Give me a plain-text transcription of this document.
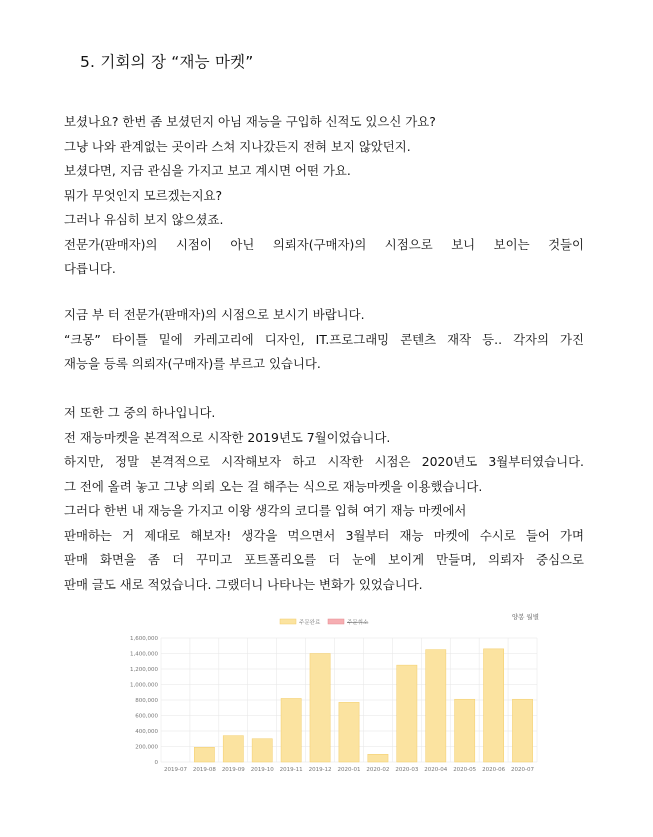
5. 기회의 장 “재능 마켓”
보셨나요? 한번 좀 보셨던지 아님 재능을 구입하 신적도 있으신 가요?
그냥 나와 관계없는 곳이라 스쳐 지나갔든지 전혀 보지 않았던지.
보셨다면, 지금 관심을 가지고 보고 계시면 어떤 가요.
뭐가 무엇인지 모르겠는지요?
그러나 유심히 보지 않으셨죠.
전문가(판매자)의 시점이 아닌 의뢰자(구매자)의 시점으로 보니 보이는 것들이
다릅니다.
지금 부 터 전문가(판매자)의 시점으로 보시기 바랍니다.
“크몽” 타이틀 밑에 카레고리에 디자인, IT.프로그래밍 콘텐츠 재작 등.. 각자의 가진
재능을 등록 의뢰자(구매자)를 부르고 있습니다.
저 또한 그 중의 하나입니다.
전 재능마켓을 본격적으로 시작한 2019년도 7월이었습니다.
하지만, 정말 본격적으로 시작해보자 하고 시작한 시점은 2020년도 3월부터였습니다.
그 전에 올려 놓고 그냥 의뢰 오는 걸 해주는 식으로 재능마켓을 이용했습니다.
그러다 한번 내 재능을 가지고 이왕 생각의 코디를 입혀 여기 재능 마켓에서
판매하는 거 제대로 해보자! 생각을 먹으면서 3월부터 재능 마켓에 수시로 들어 가며
판매 화면을 좀 더 꾸미고 포트폴리오를 더 눈에 보이게 만들며, 의뢰자 중심으로
판매 글도 새로 적었습니다. 그랬더니 나타나는 변화가 있었습니다.
양봉 월별
0
200,000
400,000
600,000
800,000
1,000,000
1,200,000
1,400,000
1,600,000
주문완료	주문취소
2019-07 2019-08 2019-09 2019-10 2019-11 2019-12 2020-01 2020-02 2020-03 2020-04 2020-05 2020-06 2020-07
